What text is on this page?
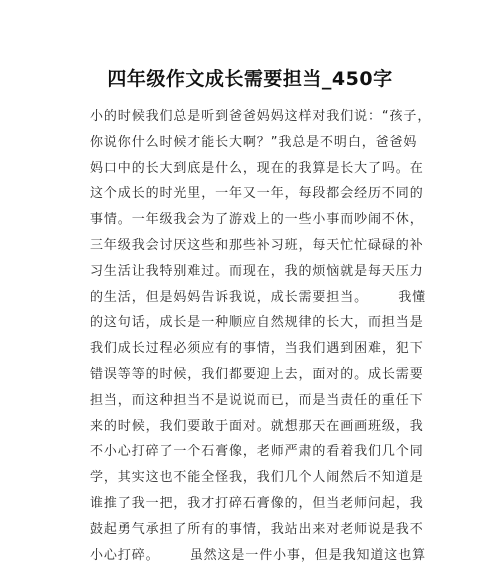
四年级作文成长需要担当_450字
小的时候我们总是听到爸爸妈妈这样对我们说：“孩子，
你说你什么时候才能长大啊？”我总是不明白，爸爸妈
妈口中的长大到底是什么，现在的我算是长大了吗。在
这个成长的时光里，一年又一年，每段都会经历不同的
事情。一年级我会为了游戏上的一些小事而吵闹不休，
三年级我会讨厌这些和那些补习班，每天忙忙碌碌的补
习生活让我特别难过。而现在，我的烦恼就是每天压力
的生活，但是妈妈告诉我说，成长需要担当。      我懂
的这句话，成长是一种顺应自然规律的长大，而担当是
我们成长过程必须应有的事情，当我们遇到困难，犯下
错误等等的时候，我们都要迎上去，面对的。成长需要
担当，而这种担当不是说说而已，而是当责任的重任下
来的时候，我们要敢于面对。就想那天在画画班级，我
不小心打碎了一个石膏像，老师严肃的看着我们几个同
学，其实这也不能全怪我，我们几个人闹然后不知道是
谁推了我一把，我才打碎石膏像的，但当老师问起，我
鼓起勇气承担了所有的事情，我站出来对老师说是我不
小心打碎。      虽然这是一件小事，但是我知道这也算
